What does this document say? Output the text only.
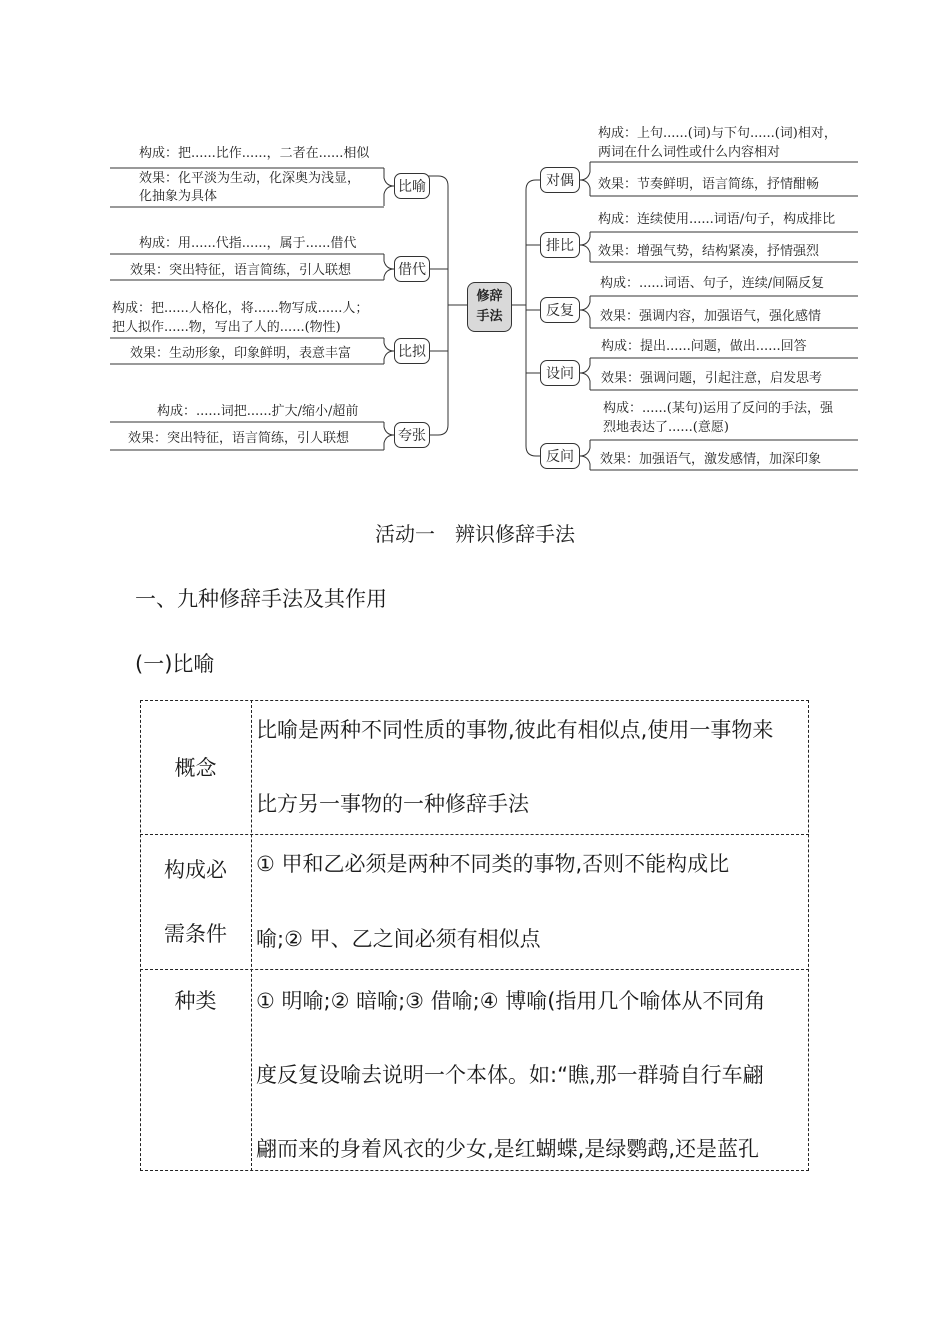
修辞
手法
比喻
构成：把......比作......，二者在......相似
效果：化平淡为生动，化深奥为浅显，
化抽象为具体
借代
构成：用......代指......，属于......借代
效果：突出特征，语言简练，引人联想
比拟
构成：把......人格化，将......物写成......人；
把人拟作......物，写出了人的......(物性)
效果：生动形象，印象鲜明，表意丰富
夸张
构成：......词把......扩大/缩小/超前
效果：突出特征，语言简练，引人联想
对偶
构成：上句......(词)与下句......(词)相对，
两词在什么词性或什么内容相对
效果：节奏鲜明，语言简练，抒情酣畅
排比
构成：连续使用......词语/句子，构成排比
效果：增强气势，结构紧凑，抒情强烈
反复
构成：......词语、句子，连续/间隔反复
效果：强调内容，加强语气，强化感情
设问
构成：提出......问题，做出......回答
效果：强调问题，引起注意，启发思考
反问
构成：......(某句)运用了反问的手法，强
烈地表达了......(意愿)
效果：加强语气，激发感情，加深印象
活动一　辨识修辞手法
一、九种修辞手法及其作用
(一)比喻
概念
比喻是两种不同性质的事物,彼此有相似点,使用一事物来
比方另一事物的一种修辞手法
构成必
需条件
① 甲和乙必须是两种不同类的事物,否则不能构成比
喻;② 甲、乙之间必须有相似点
种类	① 明喻;② 暗喻;③ 借喻;④ 博喻(指用几个喻体从不同角
度反复设喻去说明一个本体。如:“瞧,那一群骑自行车翩
翩而来的身着风衣的少女,是红蝴蝶,是绿鹦鹉,还是蓝孔
